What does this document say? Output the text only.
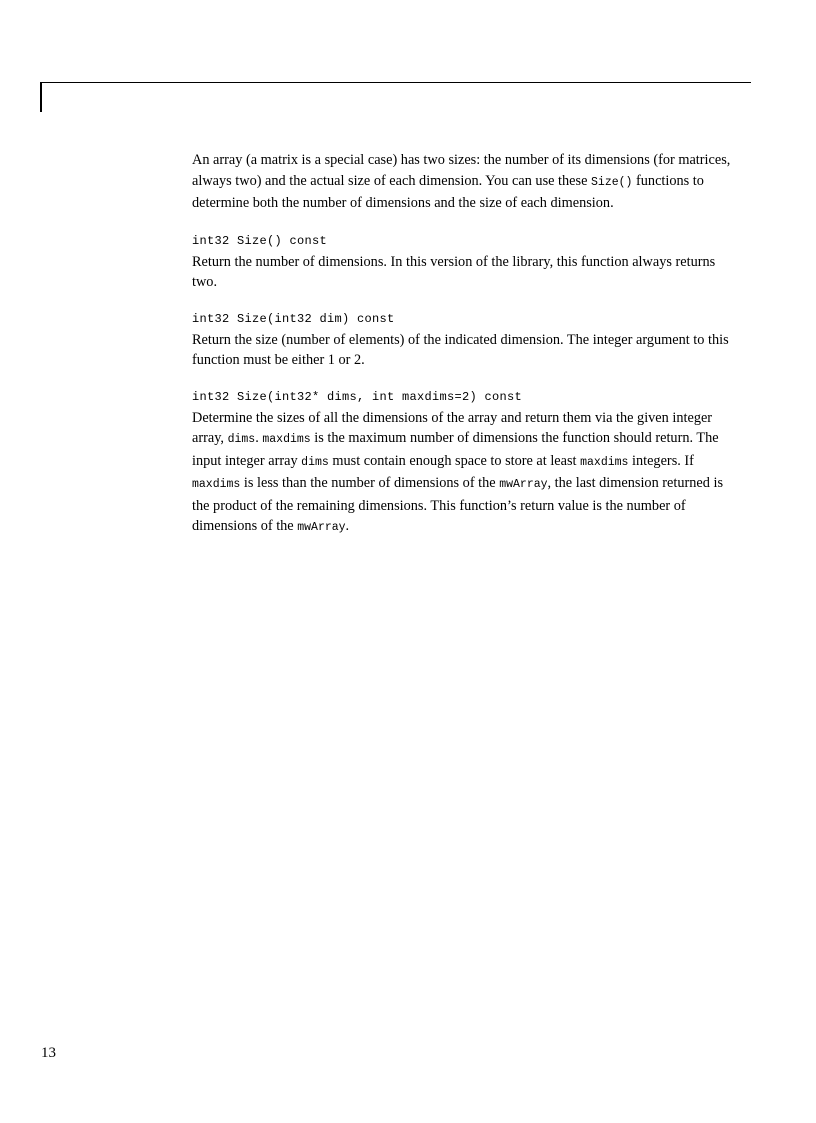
An array (a matrix is a special case) has two sizes: the number of its dimensions (for matrices, always two) and the actual size of each dimension. You can use these Size() functions to determine both the number of dimensions and the size of each dimension.

int32 Size() const

Return the number of dimensions. In this version of the library, this function always returns two.

int32 Size(int32 dim) const

Return the size (number of elements) of the indicated dimension. The integer argument to this function must be either 1 or 2.

int32 Size(int32* dims, int maxdims=2) const

Determine the sizes of all the dimensions of the array and return them via the given integer array, dims. maxdims is the maximum number of dimensions the function should return. The input integer array dims must contain enough space to store at least maxdims integers. If maxdims is less than the number of dimensions of the mwArray, the last dimension returned is the product of the remaining dimensions. This function’s return value is the number of dimensions of the mwArray.

13
